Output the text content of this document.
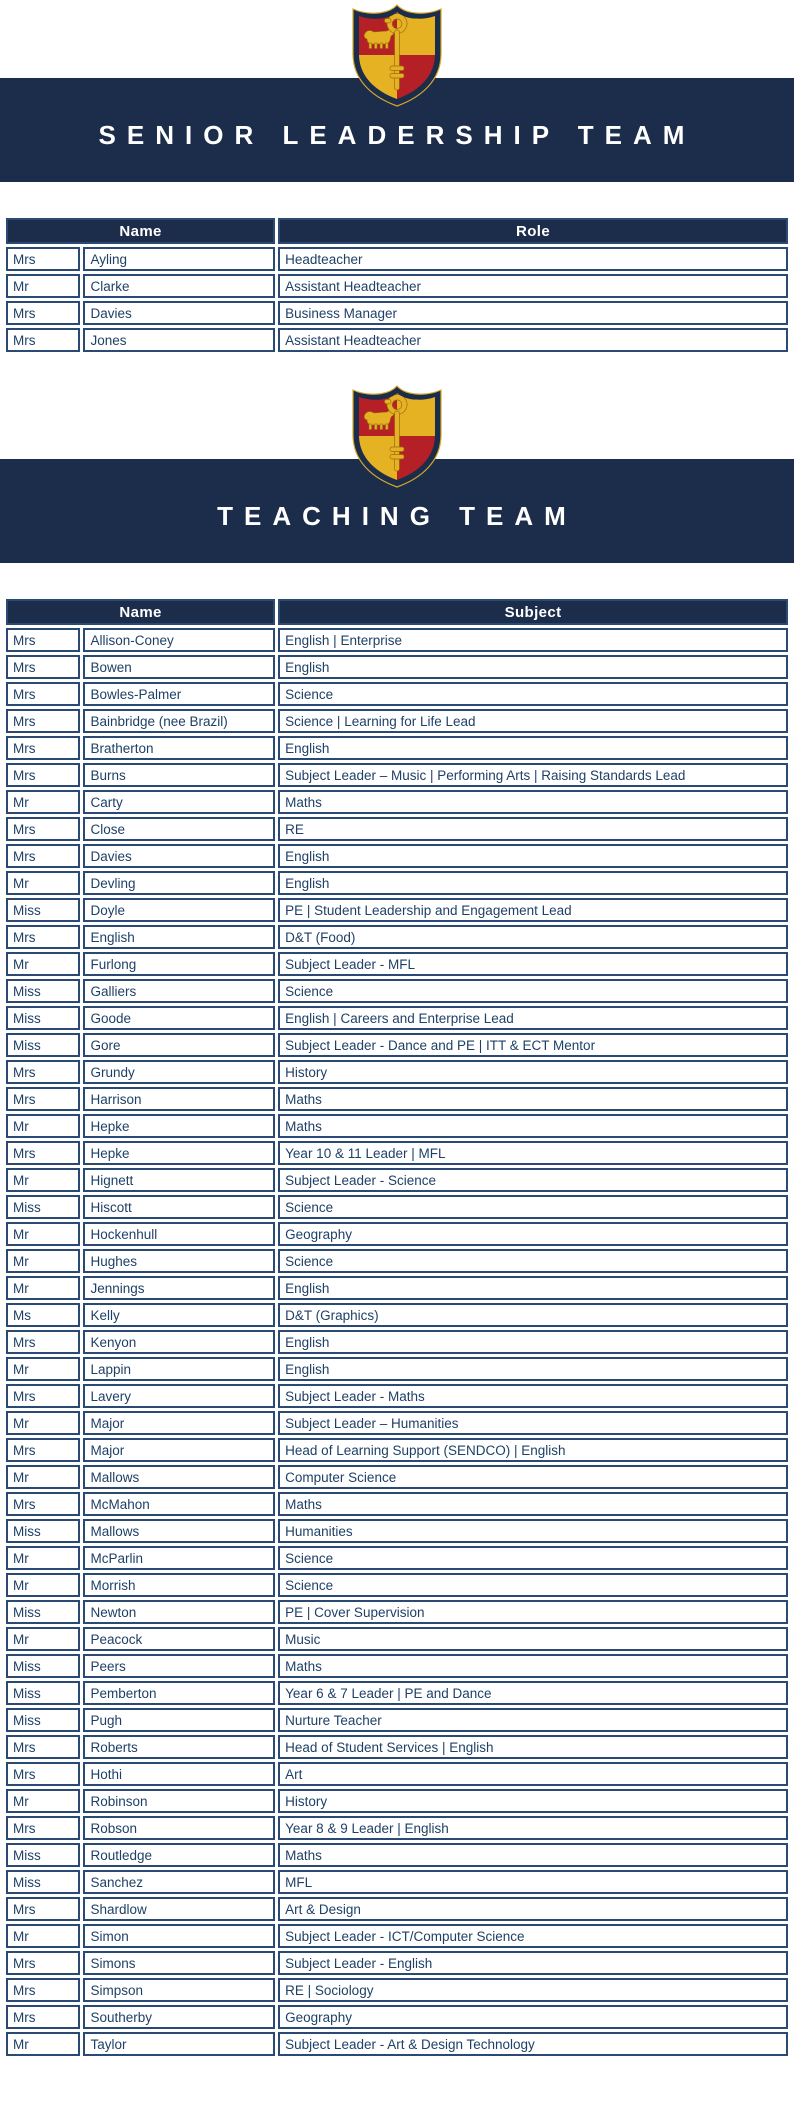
SENIOR LEADERSHIP TEAM
Name		Role
Mrs	Ayling	Headteacher
Mr	Clarke	Assistant Headteacher
Mrs	Davies	Business Manager
Mrs	Jones	Assistant Headteacher
TEACHING TEAM
Name		Subject
Mrs	Allison-Coney	English | Enterprise
Mrs	Bowen	English
Mrs	Bowles-Palmer	Science
Mrs	Bainbridge (nee Brazil)	Science | Learning for Life Lead
Mrs	Bratherton	English
Mrs	Burns	Subject Leader – Music | Performing Arts | Raising Standards Lead
Mr	Carty	Maths
Mrs	Close	RE
Mrs	Davies	English
Mr	Devling	English
Miss	Doyle	PE | Student Leadership and Engagement Lead
Mrs	English	D&T (Food)
Mr	Furlong	Subject Leader - MFL
Miss	Galliers	Science
Miss	Goode	English | Careers and Enterprise Lead
Miss	Gore	Subject Leader - Dance and PE | ITT & ECT Mentor
Mrs	Grundy	History
Mrs	Harrison	Maths
Mr	Hepke	Maths
Mrs	Hepke	Year 10 & 11 Leader | MFL
Mr	Hignett	Subject Leader - Science
Miss	Hiscott	Science
Mr	Hockenhull	Geography
Mr	Hughes	Science
Mr	Jennings	English
Ms	Kelly	D&T (Graphics)
Mrs	Kenyon	English
Mr	Lappin	English
Mrs	Lavery	Subject Leader - Maths
Mr	Major	Subject Leader – Humanities
Mrs	Major	Head of Learning Support (SENDCO) | English
Mr	Mallows	Computer Science
Mrs	McMahon	Maths
Miss	Mallows	Humanities
Mr	McParlin	Science
Mr	Morrish	Science
Miss	Newton	PE | Cover Supervision
Mr	Peacock	Music
Miss	Peers	Maths
Miss	Pemberton	Year 6 & 7 Leader | PE and Dance
Miss	Pugh	Nurture Teacher
Mrs	Roberts	Head of Student Services | English
Mrs	Hothi	Art
Mr	Robinson	History
Mrs	Robson	Year 8 & 9 Leader | English
Miss	Routledge	Maths
Miss	Sanchez	MFL
Mrs	Shardlow	Art & Design
Mr	Simon	Subject Leader - ICT/Computer Science
Mrs	Simons	Subject Leader - English
Mrs	Simpson	RE | Sociology
Mrs	Southerby	Geography
Mr	Taylor	Subject Leader - Art & Design Technology
